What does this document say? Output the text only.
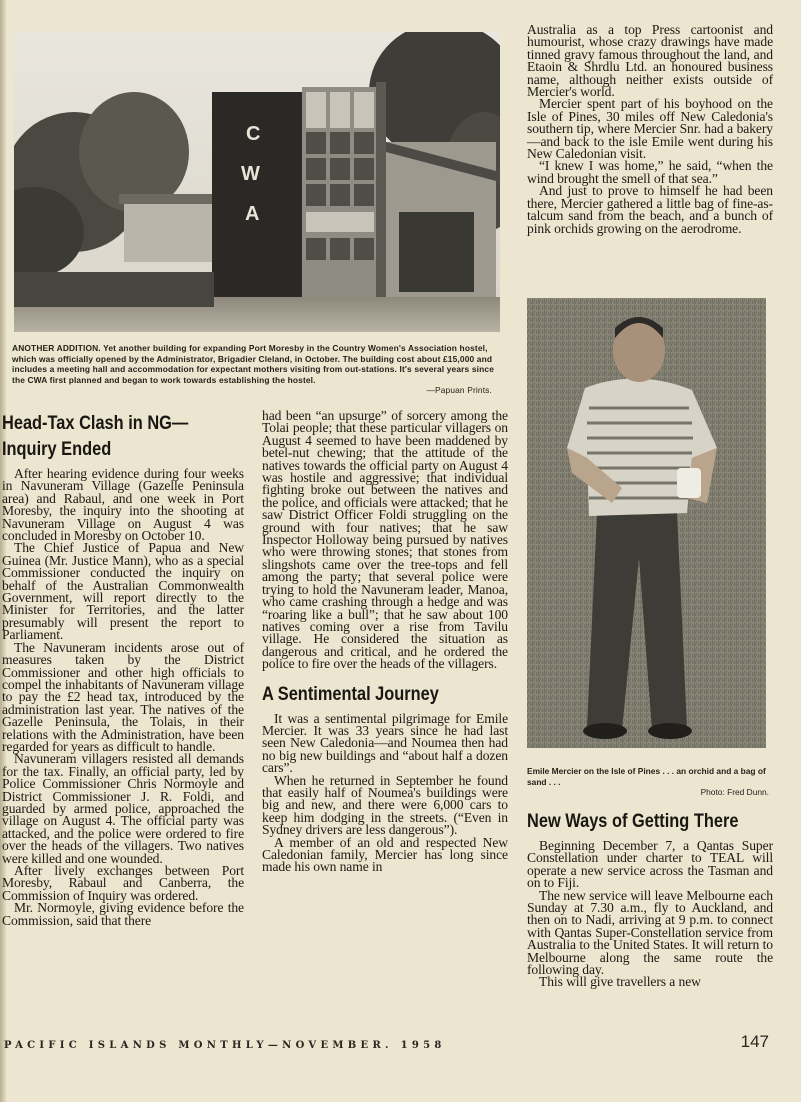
C
W
A
ANOTHER ADDITION. Yet another building for expanding Port Moresby in the Country Women's Association hostel, which was officially opened by the Administrator, Brigadier Cleland, in October. The building cost about £15,000 and includes a meeting hall and accommodation for expectant mothers visiting from out-stations. It's several years since the CWA first planned and began to work towards establishing the hostel.
—Papuan Prints.
Head-Tax Clash in NG— Inquiry Ended

After hearing evidence during four weeks in Navuneram Village (Gazelle Peninsula area) and Rabaul, and one week in Port Moresby, the inquiry into the shooting at Navuneram Village on August 4 was concluded in Moresby on October 10.

The Chief Justice of Papua and New Guinea (Mr. Justice Mann), who as a special Commissioner conducted the inquiry on behalf of the Australian Commonwealth Government, will report directly to the Minister for Territories, and the latter presumably will present the report to Parliament.

The Navuneram incidents arose out of measures taken by the District Commissioner and other high officials to compel the inhabitants of Navuneram village to pay the £2 head tax, introduced by the administration last year. The natives of the Gazelle Peninsula, the Tolais, in their relations with the Administration, have been regarded for years as difficult to handle.

Navuneram villagers resisted all demands for the tax. Finally, an official party, led by Police Commissioner Chris Normoyle and District Commissioner J. R. Foldi, and guarded by armed police, approached the village on August 4. The official party was attacked, and the police were ordered to fire over the heads of the villagers. Two natives were killed and one wounded.

After lively exchanges between Port Moresby, Rabaul and Canberra, the Commission of Inquiry was ordered.

Mr. Normoyle, giving evidence before the Commission, said that there

had been “an upsurge” of sorcery among the Tolai people; that these particular villagers on August 4 seemed to have been maddened by betel-nut chewing; that the attitude of the natives towards the official party on August 4 was hostile and aggressive; that individual fighting broke out between the natives and the police, and officials were attacked; that he saw District Officer Foldi struggling on the ground with four natives; that he saw Inspector Holloway being pursued by natives who were throwing stones; that stones from slingshots came over the tree-tops and fell among the party; that several police were trying to hold the Navuneram leader, Manoa, who came crashing through a hedge and was “roaring like a bull”; that he saw about 100 natives coming over a rise from Tavilu village. He considered the situation as dangerous and critical, and he ordered the police to fire over the heads of the villagers.

A Sentimental Journey

It was a sentimental pilgrimage for Emile Mercier. It was 33 years since he had last seen New Caledonia—and Noumea then had no big new buildings and “about half a dozen cars”.

When he returned in September he found that easily half of Noumea's buildings were big and new, and there were 6,000 cars to keep him dodging in the streets. (“Even in Sydney drivers are less dangerous”).

A member of an old and respected New Caledonian family, Mercier has long since made his own name in

Australia as a top Press cartoonist and humourist, whose crazy drawings have made tinned gravy famous throughout the land, and Etaoin & Shrdlu Ltd. an honoured business name, although neither exists outside of Mercier's world.

Mercier spent part of his boyhood on the Isle of Pines, 30 miles off New Caledonia's southern tip, where Mercier Snr. had a bakery—and back to the isle Emile went during his New Caledonian visit.

“I knew I was home,” he said, “when the wind brought the smell of that sea.”

And just to prove to himself he had been there, Mercier gathered a little bag of fine-as-talcum sand from the beach, and a bunch of pink orchids growing on the aerodrome.

Emile Mercier on the Isle of Pines . . . an orchid and a bag of sand . . .
Photo: Fred Dunn.
New Ways of Getting There

Beginning December 7, a Qantas Super Constellation under charter to TEAL will operate a new service across the Tasman and on to Fiji.

The new service will leave Melbourne each Sunday at 7.30 a.m., fly to Auckland, and then on to Nadi, arriving at 9 p.m. to connect with Qantas Super-Constellation service from Australia to the United States. It will return to Melbourne along the same route the following day.

This will give travellers a new

PACIFIC ISLANDS MONTHLY—NOVEMBER. 1958	147
